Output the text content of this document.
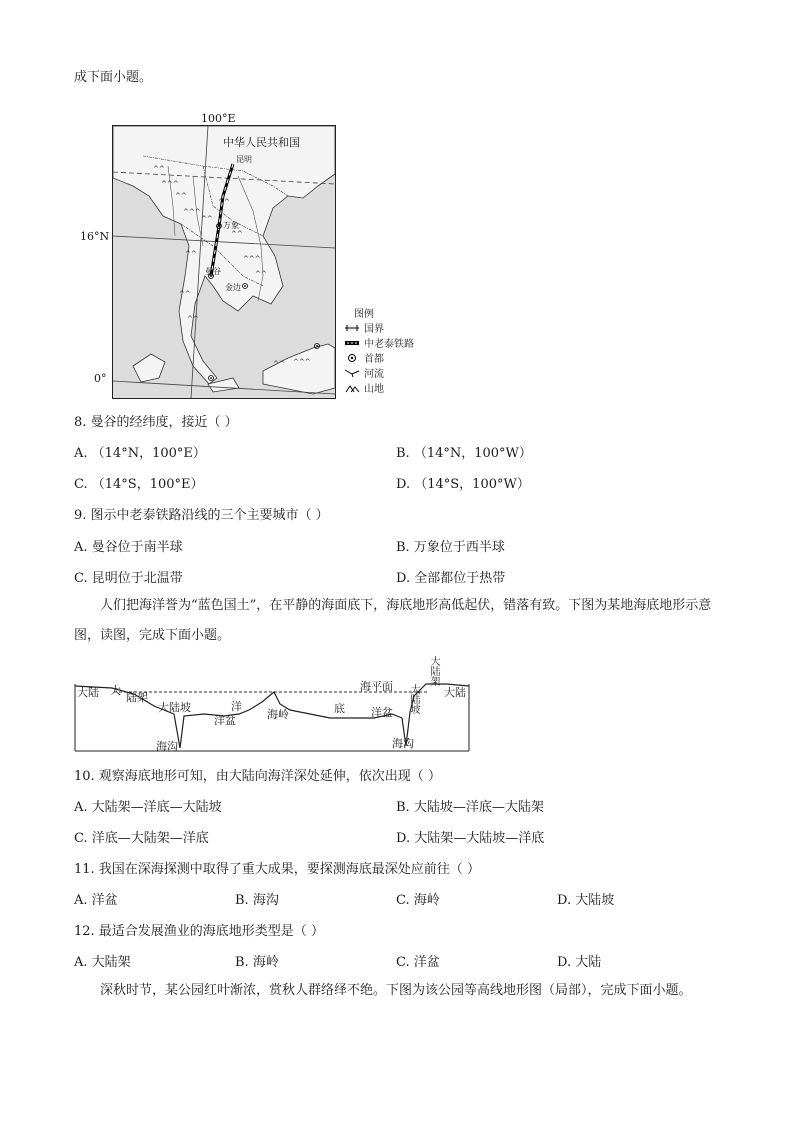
成下面小题。
100°E
16°N
0°
^^
^^^
^^
^^^
^^
^^
^^
^^^
^^
^^
^^
^^
^^ ^^^
中华人民共和国
昆明
万象
曼谷
金边
图例
国界
中老泰铁路
首都
河流
山地
8. 曼谷的经纬度，接近（ ）
A. （14°N，100°E）	B. （14°N，100°W）
C. （14°S，100°E）	D. （14°S，100°W）
9. 图示中老泰铁路沿线的三个主要城市（ ）
A. 曼谷位于南半球	B. 万象位于西半球
C. 昆明位于北温带	D. 全部都位于热带
人们把海洋誉为“蓝色国土”，在平静的海面底下，海底地形高低起伏，错落有致。下图为某地海底地形示意图，读图，完成下面小题。
大陆 大
陆架
大陆坡	洋
洋盆	海岭	底
海平面
洋盆 大陆坡
大陆架
大陆
海沟	海沟
10. 观察海底地形可知，由大陆向海洋深处延伸，依次出现（ ）
A. 大陆架—洋底—大陆坡	B. 大陆坡—洋底—大陆架
C. 洋底—大陆架—洋底	D. 大陆架—大陆坡—洋底
11. 我国在深海探测中取得了重大成果，要探测海底最深处应前往（ ）
A. 洋盆	B. 海沟	C. 海岭	D. 大陆坡
12. 最适合发展渔业的海底地形类型是（ ）
A. 大陆架	B. 海岭	C. 洋盆	D. 大陆
深秋时节，某公园红叶渐浓，赏秋人群络绎不绝。下图为该公园等高线地形图（局部），完成下面小题。
